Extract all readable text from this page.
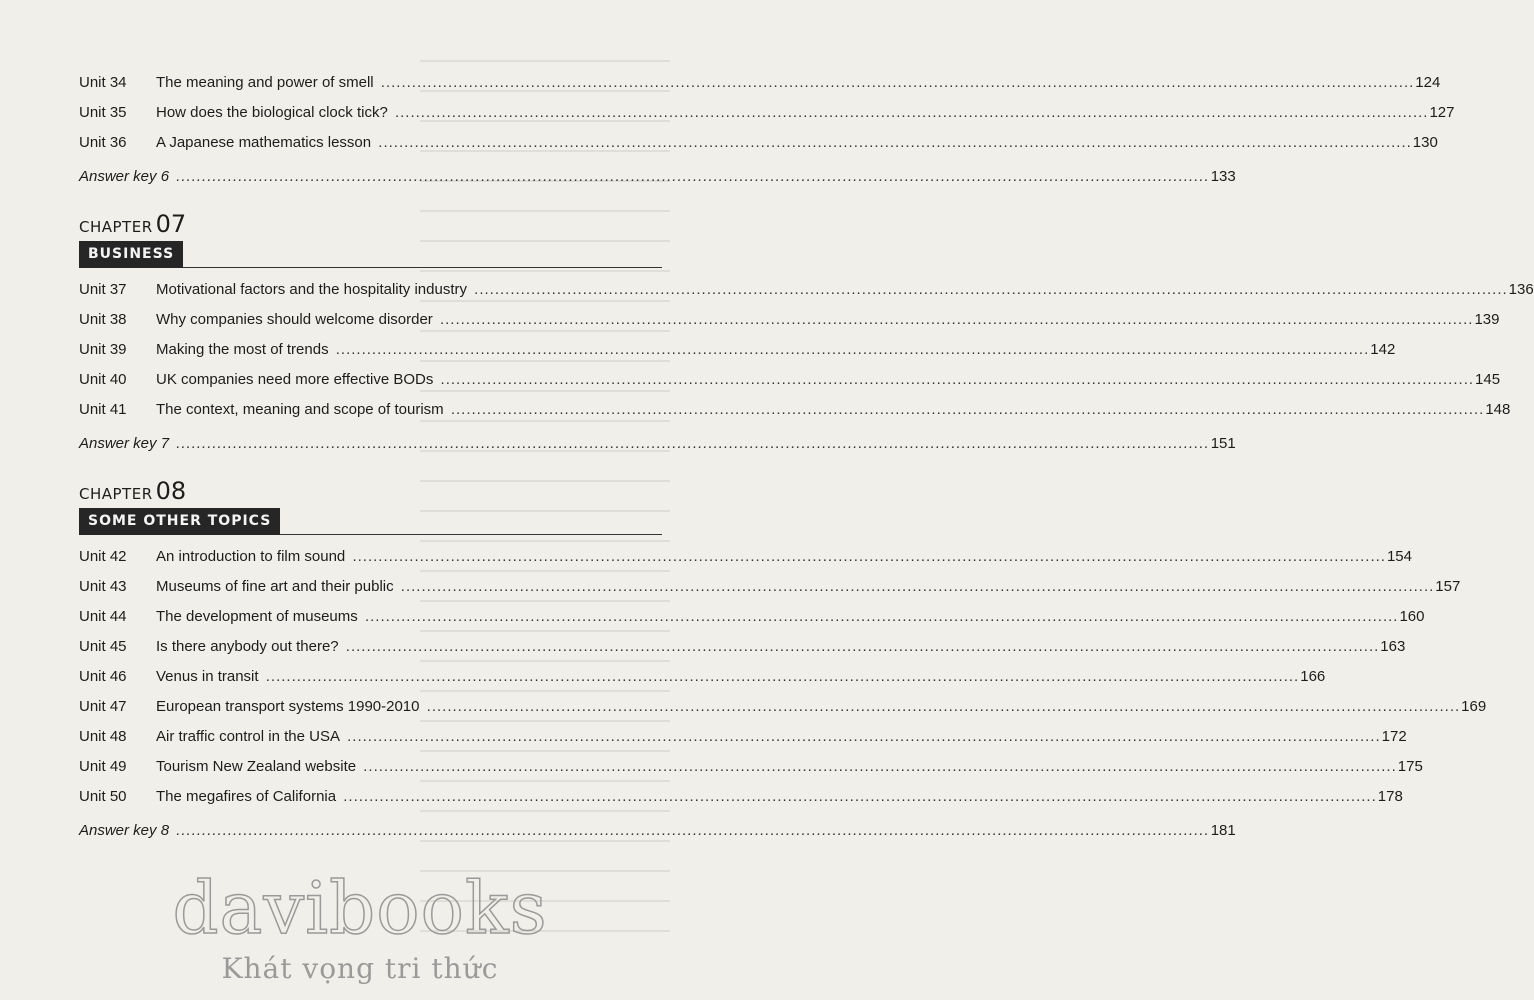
Unit 34	The meaning and power of smell ........................................................................................................................................................................................................ 124
Unit 35	How does the biological clock tick? ........................................................................................................................................................................................................ 127
Unit 36	A Japanese mathematics lesson ........................................................................................................................................................................................................ 130
Answer key 6 ........................................................................................................................................................................................................ 133
CHAPTER 07
BUSINESS
Unit 37	Motivational factors and the hospitality industry ........................................................................................................................................................................................................ 136
Unit 38	Why companies should welcome disorder ........................................................................................................................................................................................................ 139
Unit 39	Making the most of trends ........................................................................................................................................................................................................ 142
Unit 40	UK companies need more effective BODs ........................................................................................................................................................................................................ 145
Unit 41	The context, meaning and scope of tourism ........................................................................................................................................................................................................ 148
Answer key 7 ........................................................................................................................................................................................................ 151
CHAPTER 08
SOME OTHER TOPICS
Unit 42	An introduction to film sound ........................................................................................................................................................................................................ 154
Unit 43	Museums of fine art and their public ........................................................................................................................................................................................................ 157
Unit 44	The development of museums ........................................................................................................................................................................................................ 160
Unit 45	Is there anybody out there? ........................................................................................................................................................................................................ 163
Unit 46	Venus in transit ........................................................................................................................................................................................................ 166
Unit 47	European transport systems 1990-2010 ........................................................................................................................................................................................................ 169
Unit 48	Air traffic control in the USA ........................................................................................................................................................................................................ 172
Unit 49	Tourism New Zealand website ........................................................................................................................................................................................................ 175
Unit 50	The megafires of California ........................................................................................................................................................................................................ 178
Answer key 8 ........................................................................................................................................................................................................ 181
davibooks
Khát vọng tri thức
